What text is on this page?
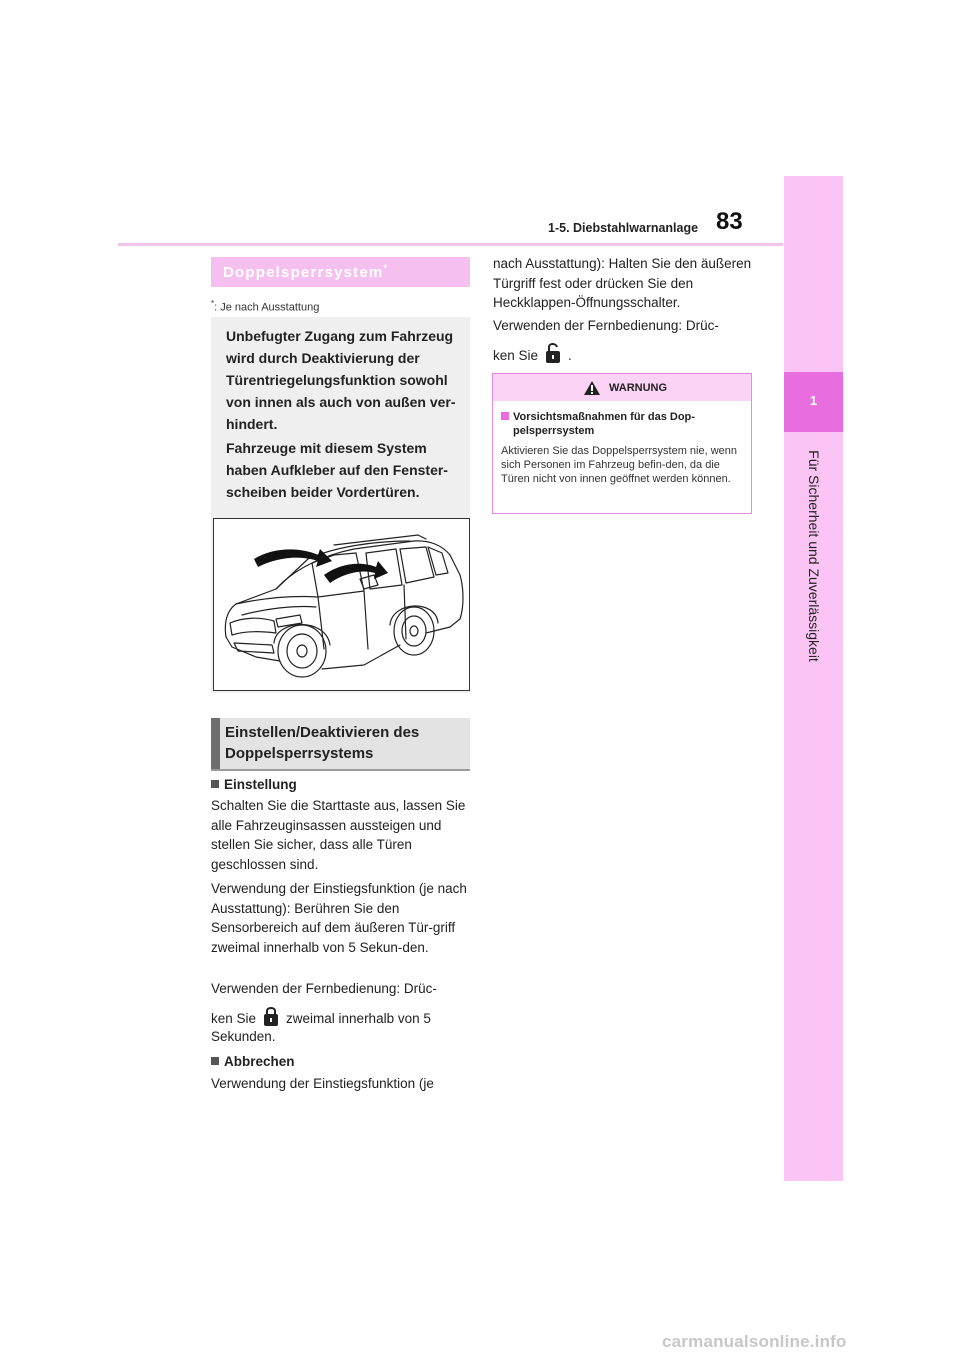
83
1-5. Diebstahlwarnanlage
1
Für Sicherheit und Zuverlässigkeit
Doppelsperrsystem*
*: Je nach Ausstattung
Unbefugter Zugang zum Fahrzeug wird durch Deaktivierung der Türentriegelungsfunktion sowohl von innen als auch von außen ver-hindert.
Fahrzeuge mit diesem System haben Aufkleber auf den Fenster-scheiben beider Vordertüren.
Einstellen/Deaktivieren des Doppelsperrsystems
Einstellung
Schalten Sie die Starttaste aus, lassen Sie alle Fahrzeuginsassen aussteigen und stellen Sie sicher, dass alle Türen geschlossen sind.
Verwendung der Einstiegsfunktion (je nach Ausstattung): Berühren Sie den Sensorbereich auf dem äußeren Tür-griff zweimal innerhalb von 5 Sekun-den.
Verwenden der Fernbedienung: Drüc-
ken Sie zweimal innerhalb von 5
Sekunden.
Abbrechen
Verwendung der Einstiegsfunktion (je
nach Ausstattung): Halten Sie den äußeren Türgriff fest oder drücken Sie den Heckklappen-Öffnungsschalter.
Verwenden der Fernbedienung: Drüc-
ken Sie .
WARNUNG
Vorsichtsmaßnahmen für das Dop-
pelsperrsystem
Aktivieren Sie das Doppelsperrsystem nie, wenn sich Personen im Fahrzeug befin-den, da die Türen nicht von innen geöffnet werden können.
carmanualsonline.info
